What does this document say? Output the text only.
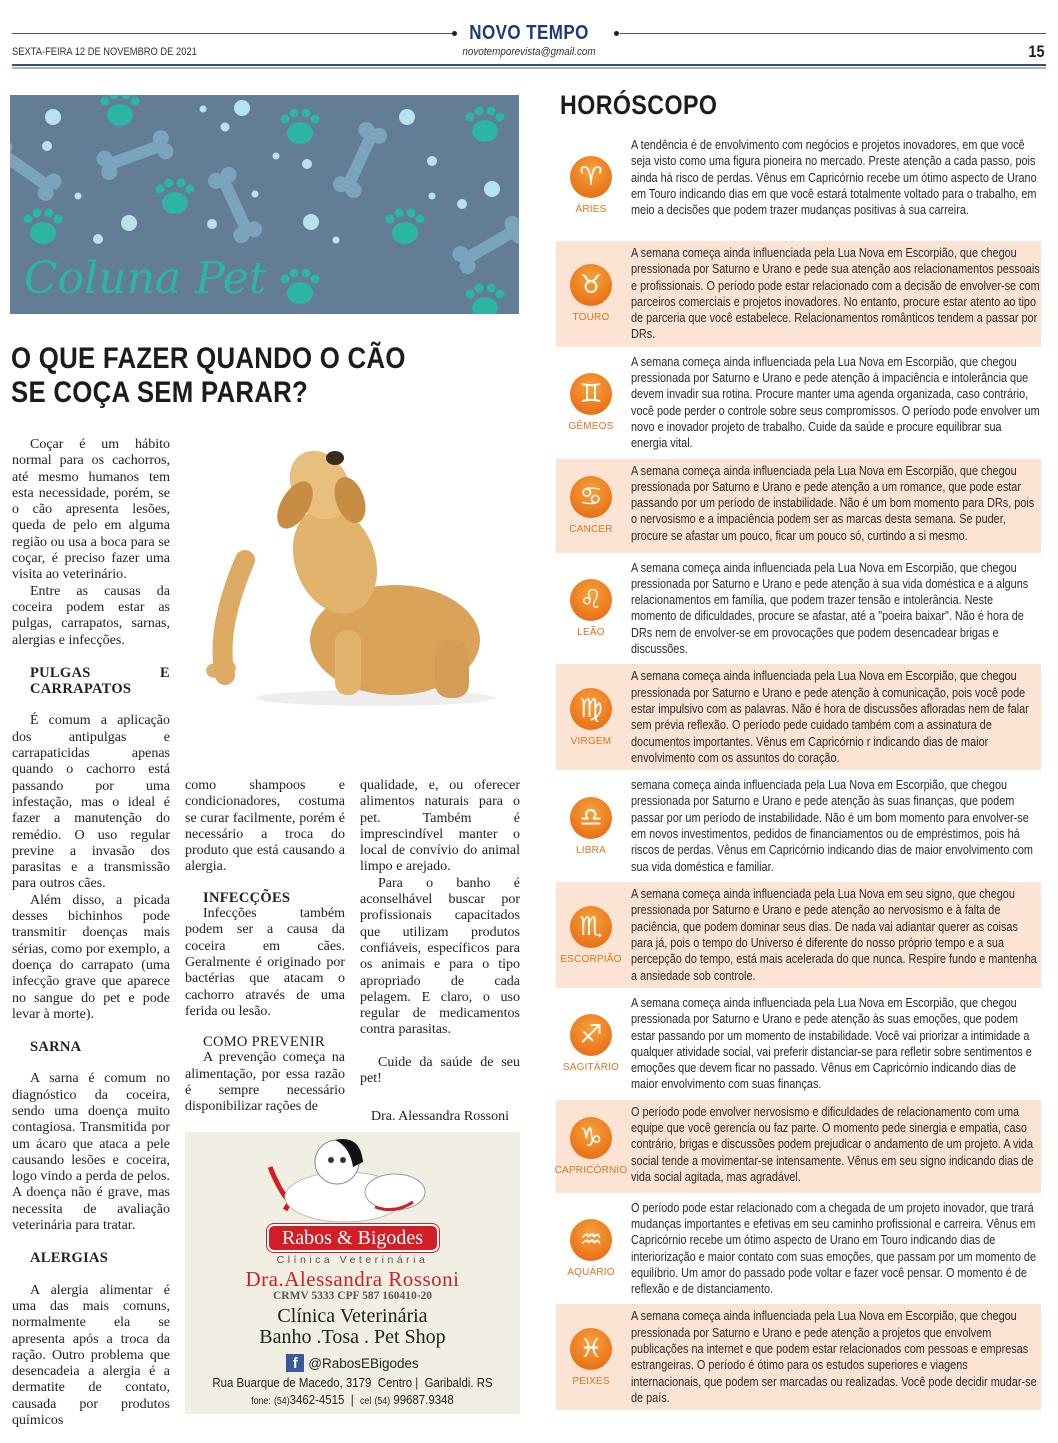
NOVO TEMPO
SEXTA-FEIRA 12 DE NOVEMBRO DE 2021	novotemporevista@gmail.com	15
Coluna Pet
O QUE FAZER QUANDO O CÃO
SE COÇA SEM PARAR?

Coçar é um hábito normal para os cachorros, até mesmo humanos tem esta necessidade, porém, se o cão apresenta lesões, queda de pelo em alguma região ou usa a boca para se coçar, é preciso fazer uma visita ao veterinário.

Entre as causas da coceira podem estar as pulgas, carrapatos, sarnas, alergias e infecções.

PULGAS E CARRAPATOS

É comum a aplicação dos antipulgas e carrapaticidas apenas quando o cachorro está passando por uma infestação, mas o ideal é fazer a manutenção do remédio. O uso regular previne a invasão dos parasitas e a transmissão para outros cães.

Além disso, a picada desses bichinhos pode transmitir doenças mais sérias, como por exemplo, a doença do carrapato (uma infecção grave que aparece no sangue do pet e pode levar à morte).

SARNA

A sarna é comum no diagnóstico da coceira, sendo uma doença muito contagiosa. Transmitida por um ácaro que ataca a pele causando lesões e coceira, logo vindo a perda de pelos. A doença não é grave, mas necessita de avaliação veterinária para tratar.

ALERGIAS

A alergia alimentar é uma das mais comuns, normalmente ela se apresenta após a troca da ração. Outro problema que desencadeia a alergia é a dermatite de contato, causada por produtos químicos

como shampoos e condicionadores, costuma se curar facilmente, porém é necessário a troca do produto que está causando a alergia.

INFECÇÕES

Infecções também podem ser a causa da coceira em cães. Geralmente é originado por bactérias que atacam o cachorro através de uma ferida ou lesão.

COMO PREVENIR

A prevenção começa na alimentação, por essa razão é sempre necessário disponibilizar rações de

qualidade, e, ou oferecer alimentos naturais para o pet. Também é imprescindível manter o local de convívio do animal limpo e arejado.

Para o banho é aconselhável buscar por profissionais capacitados que utilizam produtos confiáveis, específicos para os animais e para o tipo apropriado de cada pelagem. E claro, o uso regular de medicamentos contra parasitas.

Cuide da saúde de seu pet!

Dra. Alessandra Rossoni

Rabos & Bigodes
Clínica Veterinária
Dra.Alessandra Rossoni
CRMV 5333 CPF 587 160410-20
Clínica Veterinária
Banho .Tosa . Pet Shop
f @RabosEBigodes
Rua Buarque de Macedo, 3179  Centro |  Garibaldi. RS
fone: (54)3462-4515  |  cel (54) 99687.9348
HORÓSCOPO
♈
ÁRIES
A tendência é de envolvimento com negócios e projetos inovadores, em que você seja visto como uma figura pioneira no mercado. Preste atenção a cada passo, pois ainda há risco de perdas. Vênus em Capricórnio recebe um ótimo aspecto de Urano em Touro indicando dias em que você estará totalmente voltado para o trabalho, em meio a decisões que podem trazer mudanças positivas à sua carreira.
♉
TOURO
A semana começa ainda influenciada pela Lua Nova em Escorpião, que chegou pressionada por Saturno e Urano e pede sua atenção aos relacionamentos pessoais e profissionais. O período pode estar relacionado com a decisão de envolver-se com parceiros comerciais e projetos inovadores. No entanto, procure estar atento ao tipo de parceria que você estabelece. Relacionamentos românticos tendem a passar por DRs.
♊
GÊMEOS
A semana começa ainda influenciada pela Lua Nova em Escorpião, que chegou pressionada por Saturno e Urano e pede atenção à impaciência e intolerância que devem invadir sua rotina. Procure manter uma agenda organizada, caso contrário, você pode perder o controle sobre seus compromissos. O período pode envolver um novo e inovador projeto de trabalho. Cuide da saúde e procure equilibrar sua energia vital.
♋
CANCER
A semana começa ainda influenciada pela Lua Nova em Escorpião, que chegou pressionada por Saturno e Urano e pede atenção a um romance, que pode estar passando por um período de instabilidade. Não é um bom momento para DRs, pois o nervosismo e a impaciência podem ser as marcas desta semana. Se puder, procure se afastar um pouco, ficar um pouco só, curtindo a si mesmo.
♌
LEÃO
A semana começa ainda influenciada pela Lua Nova em Escorpião, que chegou pressionada por Saturno e Urano e pede atenção à sua vida doméstica e a alguns relacionamentos em família, que podem trazer tensão e intolerância. Neste momento de dificuldades, procure se afastar, até a "poeira baixar". Não é hora de DRs nem de envolver-se em provocações que podem desencadear brigas e discussões.
♍
VIRGEM
A semana começa ainda influenciada pela Lua Nova em Escorpião, que chegou pressionada por Saturno e Urano e pede atenção à comunicação, pois você pode estar impulsivo com as palavras. Não é hora de discussões afloradas nem de falar sem prévia reflexão. O período pede cuidado também com a assinatura de documentos importantes. Vênus em Capricórnio r indicando dias de maior envolvimento com os assuntos do coração.
♎
LIBRA
semana começa ainda influenciada pela Lua Nova em Escorpião, que chegou pressionada por Saturno e Urano e pede atenção às suas finanças, que podem passar por um período de instabilidade. Não é um bom momento para envolver-se em novos investimentos, pedidos de financiamentos ou de empréstimos, pois há riscos de perdas. Vênus em Capricórnio indicando dias de maior envolvimento com sua vida doméstica e familiar.
♏
ESCORPIÃO
A semana começa ainda influenciada pela Lua Nova em seu signo, que chegou pressionada por Saturno e Urano e pede atenção ao nervosismo e à falta de paciência, que podem dominar seus dias. De nada vai adiantar querer as coisas para já, pois o tempo do Universo é diferente do nosso próprio tempo e a sua percepção do tempo, está mais acelerada do que nunca. Respire fundo e mantenha a ansiedade sob controle.
♐
SAGITÁRIO
A semana começa ainda influenciada pela Lua Nova em Escorpião, que chegou pressionada por Saturno e Urano e pede atenção às suas emoções, que podem estar passando por um momento de instabilidade. Você vai priorizar a intimidade a qualquer atividade social, vai preferir distanciar-se para refletir sobre sentimentos e emoções que devem ficar no passado. Vênus em Capricórnio indicando dias de maior envolvimento com suas finanças.
♑
CAPRICÓRNIO
O período pode envolver nervosismo e dificuldades de relacionamento com uma equipe que você gerencia ou faz parte. O momento pede sinergia e empatia, caso contrário, brigas e discussões podem prejudicar o andamento de um projeto. A vida social tende a movimentar-se intensamente. Vênus em seu signo indicando dias de vida social agitada, mas agradável.
♒
AQUÁRIO
O período pode estar relacionado com a chegada de um projeto inovador, que trará mudanças importantes e efetivas em seu caminho profissional e carreira. Vênus em Capricórnio recebe um ótimo aspecto de Urano em Touro indicando dias de interiorização e maior contato com suas emoções, que passam por um momento de equilíbrio. Um amor do passado pode voltar e fazer você pensar. O momento é de reflexão e de distanciamento.
♓
PEIXES
A semana começa ainda influenciada pela Lua Nova em Escorpião, que chegou pressionada por Saturno e Urano e pede atenção a projetos que envolvem publicações na internet e que podem estar relacionados com pessoas e empresas estrangeiras. O período é ótimo para os estudos superiores e viagens internacionais, que podem ser marcadas ou realizadas. Você pode decidir mudar-se de país.
